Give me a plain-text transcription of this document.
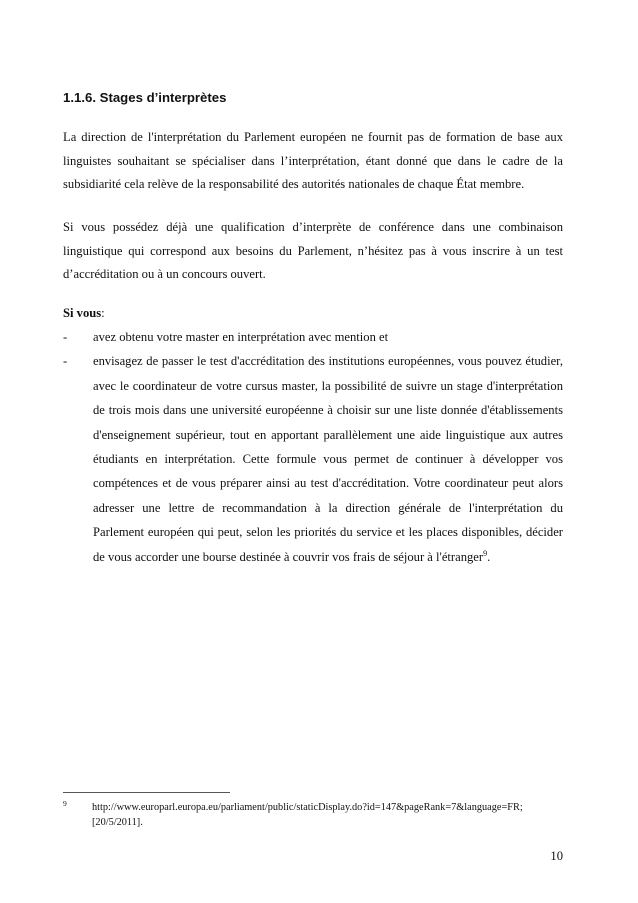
1.1.6. Stages d’interprètes

La direction de l'interprétation du Parlement européen ne fournit pas de formation de base aux linguistes souhaitant se spécialiser dans l’interprétation, étant donné que dans le cadre de la subsidiarité cela relève de la responsabilité des autorités nationales de chaque État membre.

Si vous possédez déjà une qualification d’interprète de conférence dans une combinaison linguistique qui correspond aux besoins du Parlement, n’hésitez pas à vous inscrire à un test d’accréditation ou à un concours ouvert.

Si vous:
-	avez obtenu votre master en interprétation avec mention et
-	envisagez de passer le test d'accréditation des institutions européennes, vous pouvez étudier, avec le coordinateur de votre cursus master, la possibilité de suivre un stage d'interprétation de trois mois dans une université européenne à choisir sur une liste donnée d'établissements d'enseignement supérieur, tout en apportant parallèlement une aide linguistique aux autres étudiants en interprétation. Cette formule vous permet de continuer à développer vos compétences et de vous préparer ainsi au test d'accréditation. Votre coordinateur peut alors adresser une lettre de recommandation à la direction générale de l'interprétation du Parlement européen qui peut, selon les priorités du service et les places disponibles, décider de vous accorder une bourse destinée à couvrir vos frais de séjour à l'étranger$^9$.
9	http://www.europarl.europa.eu/parliament/public/staticDisplay.do?id=147&pageRank=7&language=FR; [20/5/2011].
10
